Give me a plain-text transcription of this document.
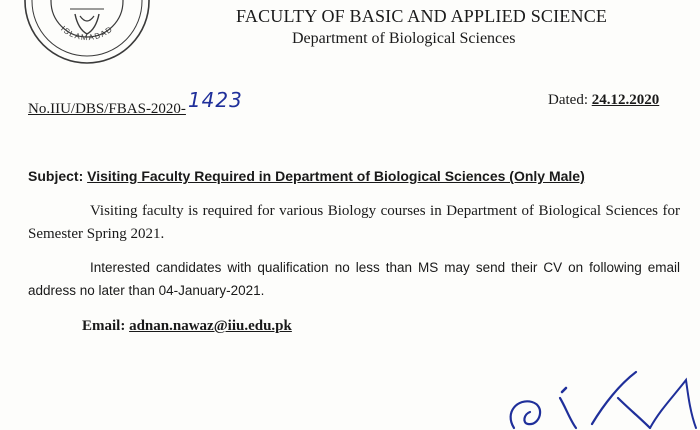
ISLAMABAD
FACULTY OF BASIC AND APPLIED SCIENCE
Department of Biological Sciences
No.IIU/DBS/FBAS-2020- 1423	Dated: 24.12.2020
Subject: Visiting Faculty Required in Department of Biological Sciences (Only Male)
Visiting faculty is required for various Biology courses in Department of Biological Sciences for Semester Spring 2021.
Interested candidates with qualification no less than MS may send their CV on following email address no later than 04-January-2021.
Email: adnan.nawaz@iiu.edu.pk
